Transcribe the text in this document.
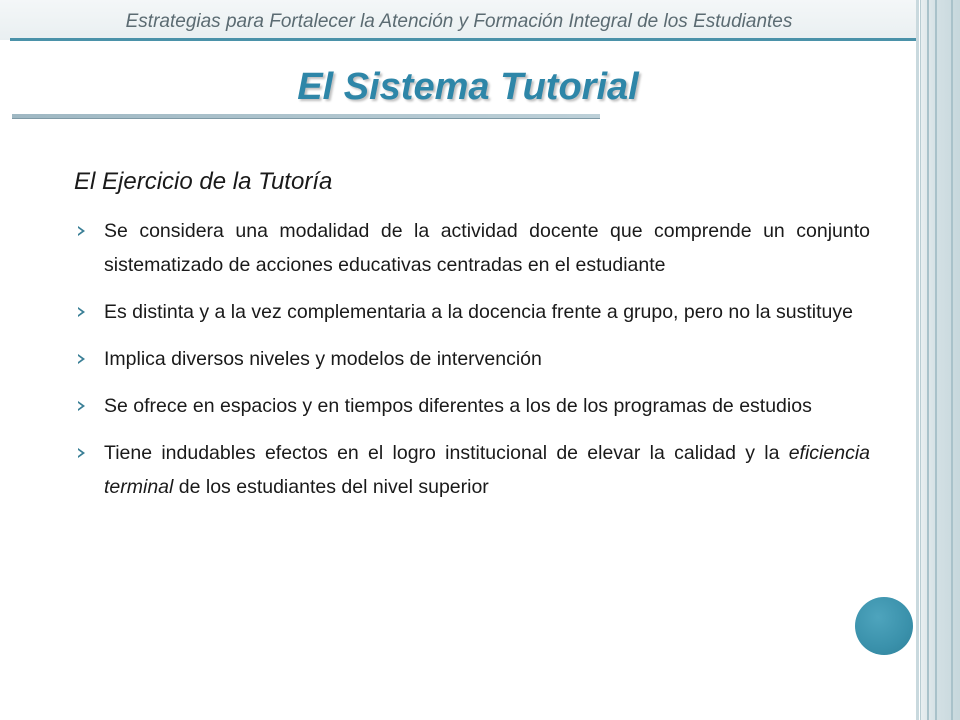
Estrategias para Fortalecer la Atención y Formación Integral de los Estudiantes
El Sistema Tutorial
El Ejercicio de la Tutoría
Se considera una modalidad de la actividad docente que comprende un conjunto sistematizado de acciones educativas centradas en el estudiante
Es distinta y a la vez complementaria a la docencia frente a grupo, pero no la sustituye
Implica diversos niveles y modelos de intervención
Se ofrece en espacios y en tiempos diferentes a los de los programas de estudios
Tiene indudables efectos en el logro institucional de elevar la calidad y la eficiencia terminal de los estudiantes del nivel superior
